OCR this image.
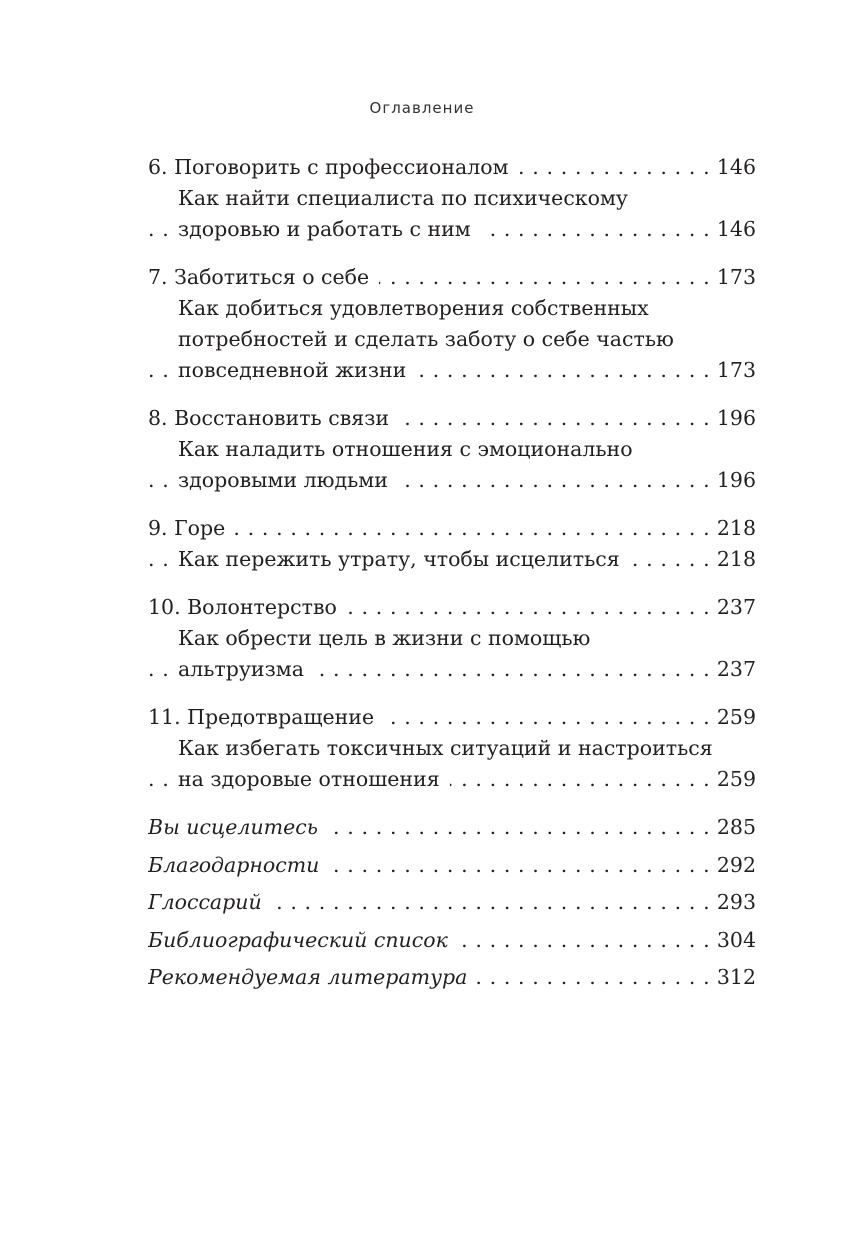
Оглавление
6. Поговорить с профессионалом	146
. . .
Как найти специалиста по психическому
здоровью и работать с ним	146
. . .
7. Заботиться о себе	173
. . .
Как добиться удовлетворения собственных
потребностей и сделать заботу о себе частью
повседневной жизни	173
. . .
8. Восстановить связи	196
. . .
Как наладить отношения с эмоционально
здоровыми людьми	196
. . .
9. Горе	218
. . .
Как пережить утрату, чтобы исцелиться	218
. . .
10. Волонтерство	237
. . .
Как обрести цель в жизни с помощью
альтруизма	237
. . .
11. Предотвращение	259
. . .
Как избегать токсичных ситуаций и настроиться
на здоровые отношения	259
. . .
Вы исцелитесь	285
. . .
Благодарности	292
. . .
Глоссарий	293
. . .
Библиографический список	304
. . .
Рекомендуемая литература	312
. . .
